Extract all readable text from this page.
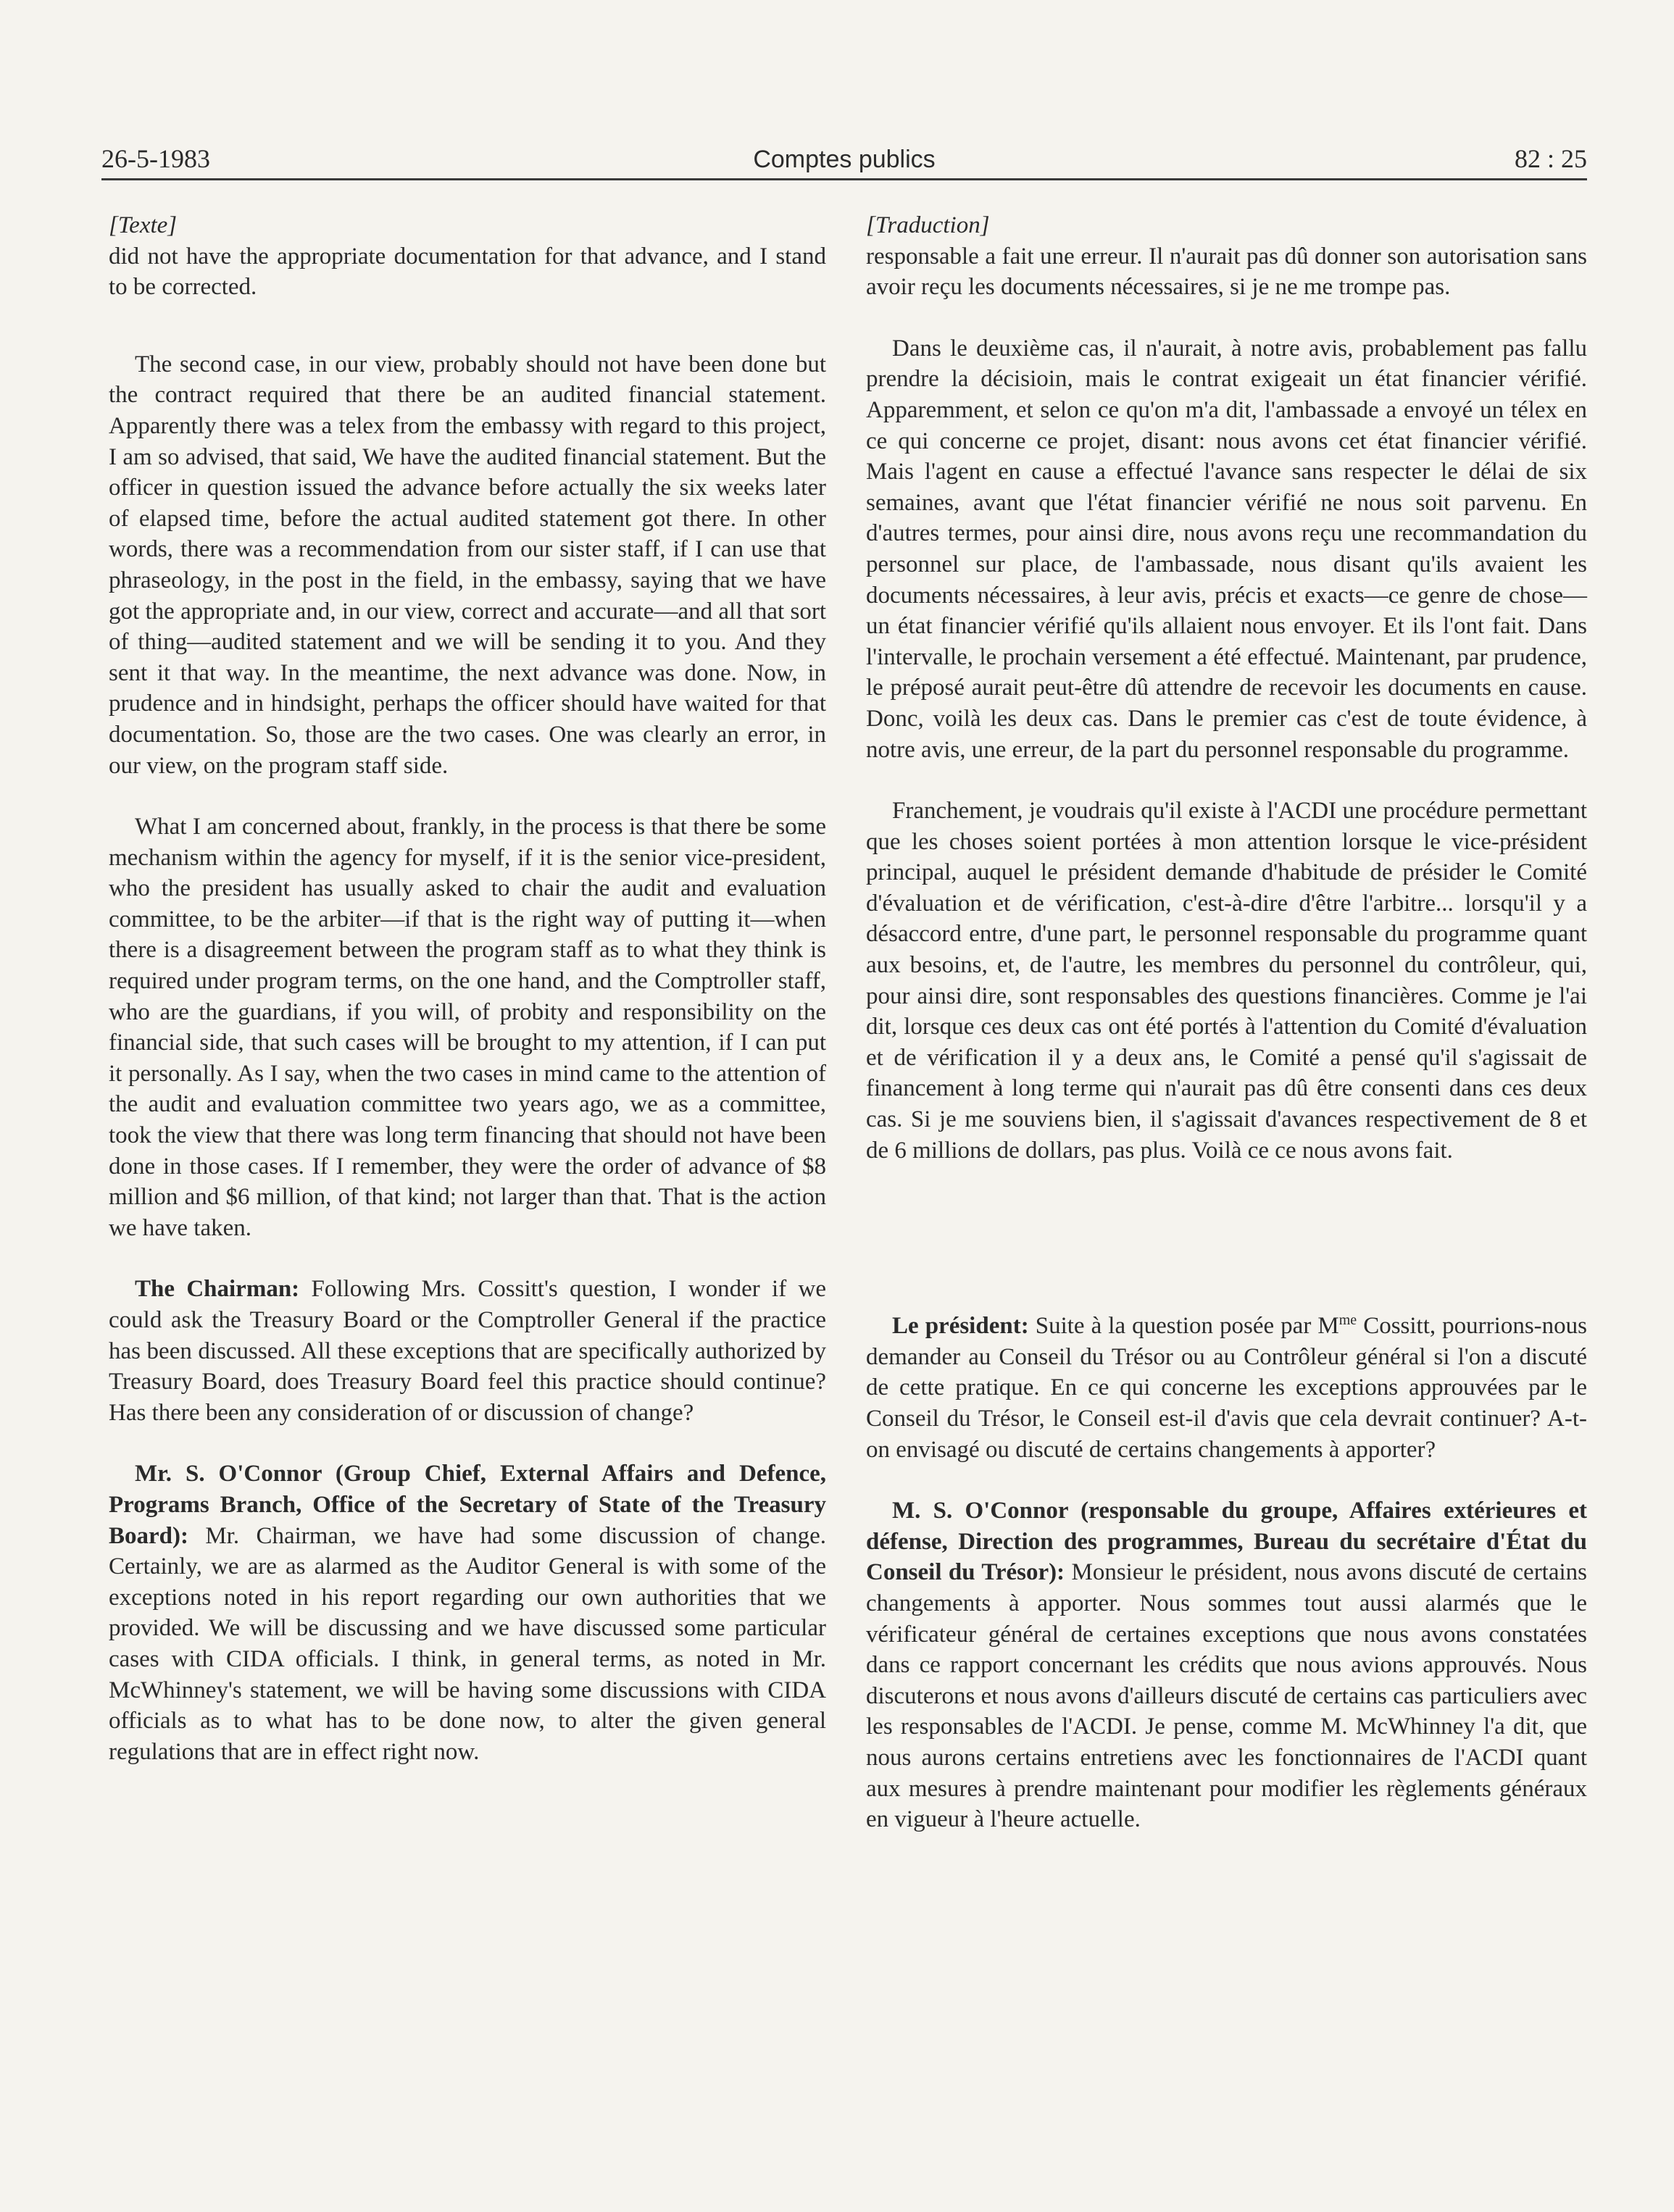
26-5-1983	Comptes publics	82 : 25

[Texte]

did not have the appropriate documentation for that advance, and I stand to be corrected.

The second case, in our view, probably should not have been done but the contract required that there be an audited financial statement. Apparently there was a telex from the embassy with regard to this project, I am so advised, that said, We have the audited financial statement. But the officer in question issued the advance before actually the six weeks later of elapsed time, before the actual audited statement got there. In other words, there was a recommendation from our sister staff, if I can use that phraseology, in the post in the field, in the embassy, saying that we have got the appropriate and, in our view, correct and accurate—and all that sort of thing—audited statement and we will be sending it to you. And they sent it that way. In the meantime, the next advance was done. Now, in prudence and in hindsight, perhaps the officer should have waited for that documentation. So, those are the two cases. One was clearly an error, in our view, on the program staff side.

What I am concerned about, frankly, in the process is that there be some mechanism within the agency for myself, if it is the senior vice-president, who the president has usually asked to chair the audit and evaluation committee, to be the arbiter—if that is the right way of putting it—when there is a disagreement between the program staff as to what they think is required under program terms, on the one hand, and the Comptroller staff, who are the guardians, if you will, of probity and responsibility on the financial side, that such cases will be brought to my attention, if I can put it personally. As I say, when the two cases in mind came to the attention of the audit and evaluation committee two years ago, we as a committee, took the view that there was long term financing that should not have been done in those cases. If I remember, they were the order of advance of $8 million and $6 million, of that kind; not larger than that. That is the action we have taken.

The Chairman: Following Mrs. Cossitt's question, I wonder if we could ask the Treasury Board or the Comptroller General if the practice has been discussed. All these exceptions that are specifically authorized by Treasury Board, does Treasury Board feel this practice should continue? Has there been any consideration of or discussion of change?

Mr. S. O'Connor (Group Chief, External Affairs and Defence, Programs Branch, Office of the Secretary of State of the Treasury Board): Mr. Chairman, we have had some discussion of change. Certainly, we are as alarmed as the Auditor General is with some of the exceptions noted in his report regarding our own authorities that we provided. We will be discussing and we have discussed some particular cases with CIDA officials. I think, in general terms, as noted in Mr. McWhinney's statement, we will be having some discussions with CIDA officials as to what has to be done now, to alter the given general regulations that are in effect right now.

[Traduction]

responsable a fait une erreur. Il n'aurait pas dû donner son autorisation sans avoir reçu les documents nécessaires, si je ne me trompe pas.

Dans le deuxième cas, il n'aurait, à notre avis, probablement pas fallu prendre la décisioin, mais le contrat exigeait un état financier vérifié. Apparemment, et selon ce qu'on m'a dit, l'ambassade a envoyé un télex en ce qui concerne ce projet, disant: nous avons cet état financier vérifié. Mais l'agent en cause a effectué l'avance sans respecter le délai de six semaines, avant que l'état financier vérifié ne nous soit parvenu. En d'autres termes, pour ainsi dire, nous avons reçu une recommandation du personnel sur place, de l'ambassade, nous disant qu'ils avaient les documents nécessaires, à leur avis, précis et exacts—ce genre de chose—un état financier vérifié qu'ils allaient nous envoyer. Et ils l'ont fait. Dans l'intervalle, le prochain versement a été effectué. Maintenant, par prudence, le préposé aurait peut-être dû attendre de recevoir les documents en cause. Donc, voilà les deux cas. Dans le premier cas c'est de toute évidence, à notre avis, une erreur, de la part du personnel responsable du programme.

Franchement, je voudrais qu'il existe à l'ACDI une procédure permettant que les choses soient portées à mon attention lorsque le vice-président principal, auquel le président demande d'habitude de présider le Comité d'évaluation et de vérification, c'est-à-dire d'être l'arbitre... lorsqu'il y a désaccord entre, d'une part, le personnel responsable du programme quant aux besoins, et, de l'autre, les membres du personnel du contrôleur, qui, pour ainsi dire, sont responsables des questions financières. Comme je l'ai dit, lorsque ces deux cas ont été portés à l'attention du Comité d'évaluation et de vérification il y a deux ans, le Comité a pensé qu'il s'agissait de financement à long terme qui n'aurait pas dû être consenti dans ces deux cas. Si je me souviens bien, il s'agissait d'avances respectivement de 8 et de 6 millions de dollars, pas plus. Voilà ce ce nous avons fait.

Le président: Suite à la question posée par $M^{me}$ Cossitt, pourrions-nous demander au Conseil du Trésor ou au Contrôleur général si l'on a discuté de cette pratique. En ce qui concerne les exceptions approuvées par le Conseil du Trésor, le Conseil est-il d'avis que cela devrait continuer? A-t-on envisagé ou discuté de certains changements à apporter?

M. S. O'Connor (responsable du groupe, Affaires extérieures et défense, Direction des programmes, Bureau du secrétaire d'État du Conseil du Trésor): Monsieur le président, nous avons discuté de certains changements à apporter. Nous sommes tout aussi alarmés que le vérificateur général de certaines exceptions que nous avons constatées dans ce rapport concernant les crédits que nous avions approuvés. Nous discuterons et nous avons d'ailleurs discuté de certains cas particuliers avec les responsables de l'ACDI. Je pense, comme M. McWhinney l'a dit, que nous aurons certains entretiens avec les fonctionnaires de l'ACDI quant aux mesures à prendre maintenant pour modifier les règlements généraux en vigueur à l'heure actuelle.
